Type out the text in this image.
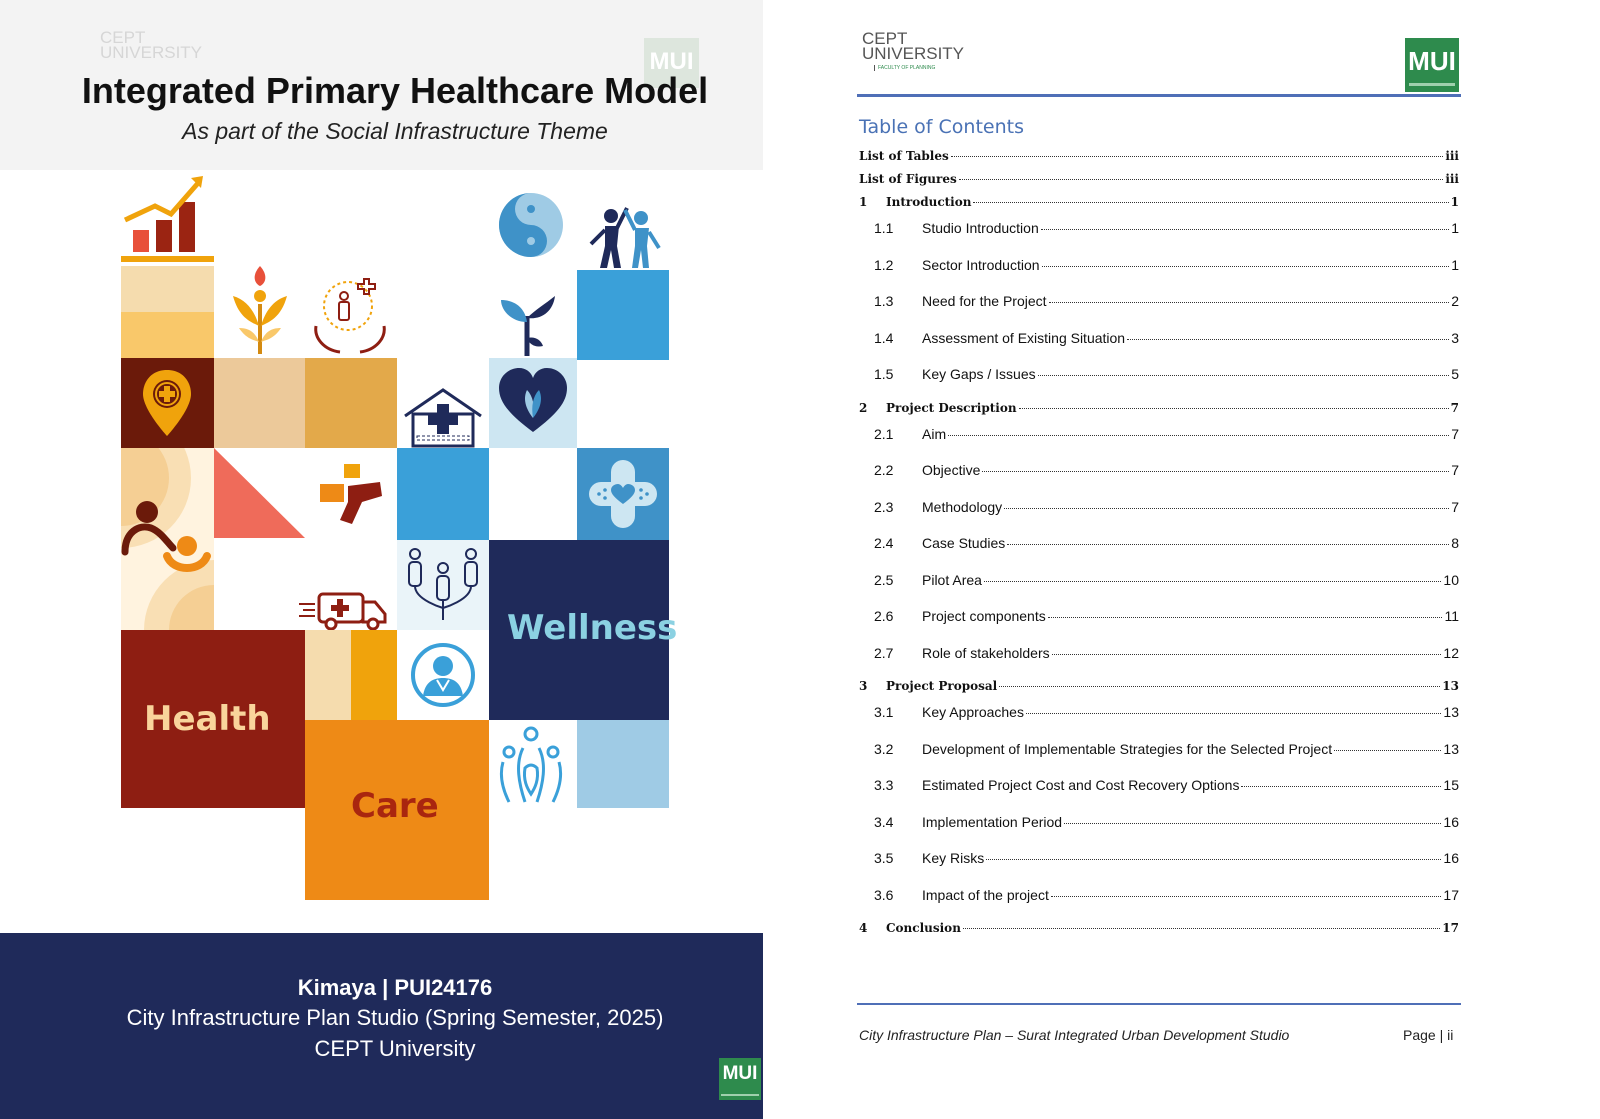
CEPT
UNIVERSITY	MUI
Integrated Primary Healthcare Model
As part of the Social Infrastructure Theme
Wellness
Health
Care
Kimaya | PUI24176
City Infrastructure Plan Studio (Spring Semester, 2025)
CEPT University
MUI
CEPT
UNIVERSITY
FACULTY OF PLANNING	MUI
Table of Contents
List of Tables	iii
List of Figures	iii
1	Introduction	1
1.1	Studio Introduction	1
1.2	Sector Introduction	1
1.3	Need for the Project	2
1.4	Assessment of Existing Situation	3
1.5	Key Gaps / Issues	5
2	Project Description	7
2.1	Aim	7
2.2	Objective	7
2.3	Methodology	7
2.4	Case Studies	8
2.5	Pilot Area	10
2.6	Project components	11
2.7	Role of stakeholders	12
3	Project Proposal	13
3.1	Key Approaches	13
3.2	Development of Implementable Strategies for the Selected Project	13
3.3	Estimated Project Cost and Cost Recovery Options	15
3.4	Implementation Period	16
3.5	Key Risks	16
3.6	Impact of the project	17
4	Conclusion	17
City Infrastructure Plan – Surat Integrated Urban Development Studio	Page | ii
